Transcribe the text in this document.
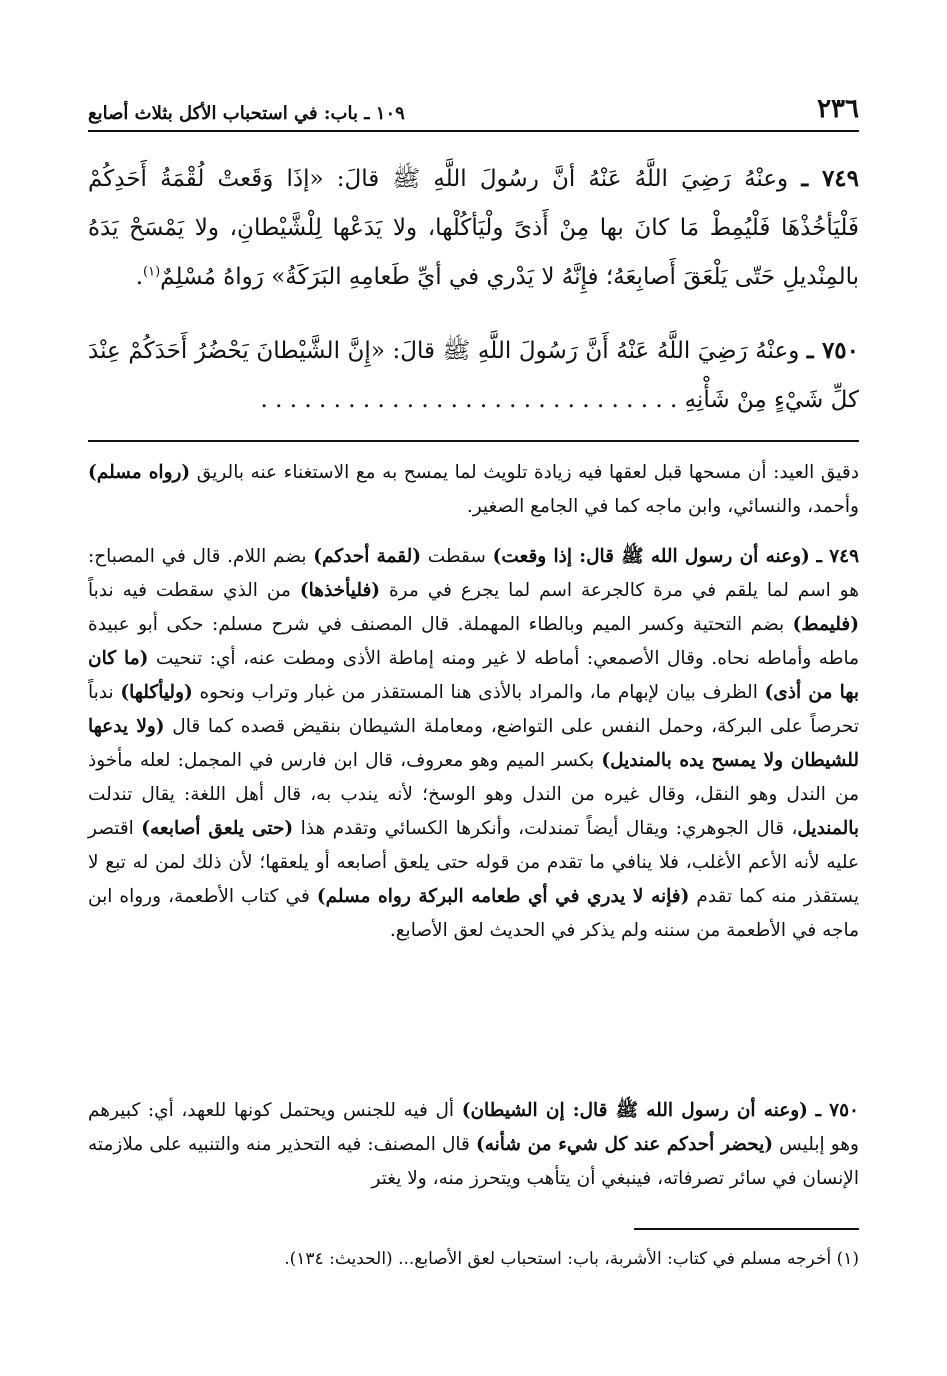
٢٣٦
١٠٩ ـ باب: في استحباب الأكل بثلاث أصابع

٧٤٩ ـ وعنْهُ رَضِيَ اللَّهُ عَنْهُ أنَّ رسُولَ اللَّهِ ﷺ قالَ: «إذَا وَقَعتْ لُقْمَةُ أَحَدِكُمْ فَلْيَأخُذْهَا فَلْيُمِطْ مَا كانَ بها مِنْ أَذىً ولْيَأكُلْها، ولا يَدَعْها لِلْشَّيْطانِ، ولا يَمْسَحْ يَدَهُ بالمِنْديلِ حَتّى يَلْعَقَ أَصابِعَهُ؛ فإِنَّهُ لا يَدْري في أيِّ طَعامِهِ البَرَكَةُ» رَواهُ مُسْلِمٌ$^{(١)}$.

٧٥٠ ـ وعنْهُ رَضِيَ اللَّهُ عَنْهُ أَنَّ رَسُولَ اللَّهِ ﷺ قالَ: «إِنَّ الشَّيْطانَ يَحْضُرُ أَحَدَكُمْ عِنْدَ كلِّ شَيْءٍ مِنْ شَأْنِهِ . . . . . . . . . . . . . . . . . . . . . . . . . . . . .

دقيق العيد: أن مسحها قبل لعقها فيه زيادة تلويث لما يمسح به مع الاستغناء عنه بالريق (رواه مسلم) وأحمد، والنسائي، وابن ماجه كما في الجامع الصغير.

٧٤٩ ـ (وعنه أن رسول الله ﷺ قال: إذا وقعت) سقطت (لقمة أحدكم) بضم اللام. قال في المصباح: هو اسم لما يلقم في مرة كالجرعة اسم لما يجرع في مرة (فليأخذها) من الذي سقطت فيه ندباً (فليمط) بضم التحتية وكسر الميم وبالطاء المهملة. قال المصنف في شرح مسلم: حكى أبو عبيدة ماطه وأماطه نحاه. وقال الأصمعي: أماطه لا غير ومنه إماطة الأذى ومطت عنه، أي: تنحيت (ما كان بها من أذى) الظرف بيان لإبهام ما، والمراد بالأذى هنا المستقذر من غبار وتراب ونحوه (وليأكلها) ندباً تحرصاً على البركة، وحمل النفس على التواضع، ومعاملة الشيطان بنقيض قصده كما قال (ولا يدعها للشيطان ولا يمسح يده بالمنديل) بكسر الميم وهو معروف، قال ابن فارس في المجمل: لعله مأخوذ من الندل وهو النقل، وقال غيره من الندل وهو الوسخ؛ لأنه يندب به، قال أهل اللغة: يقال تندلت بالمنديل، قال الجوهري: ويقال أيضاً تمندلت، وأنكرها الكسائي وتقدم هذا (حتى يلعق أصابعه) اقتصر عليه لأنه الأعم الأغلب، فلا ينافي ما تقدم من قوله حتى يلعق أصابعه أو يلعقها؛ لأن ذلك لمن له تبع لا يستقذر منه كما تقدم (فإنه لا يدري في أي طعامه البركة رواه مسلم) في كتاب الأطعمة، ورواه ابن ماجه في الأطعمة من سننه ولم يذكر في الحديث لعق الأصابع.

٧٥٠ ـ (وعنه أن رسول الله ﷺ قال: إن الشيطان) أل فيه للجنس ويحتمل كونها للعهد، أي: كبيرهم وهو إبليس (يحضر أحدكم عند كل شيء من شأنه) قال المصنف: فيه التحذير منه والتنبيه على ملازمته الإنسان في سائر تصرفاته، فينبغي أن يتأهب ويتحرز منه، ولا يغتر

(١) أخرجه مسلم في كتاب: الأشربة، باب: استحباب لعق الأصابع... (الحديث: ١٣٤).
